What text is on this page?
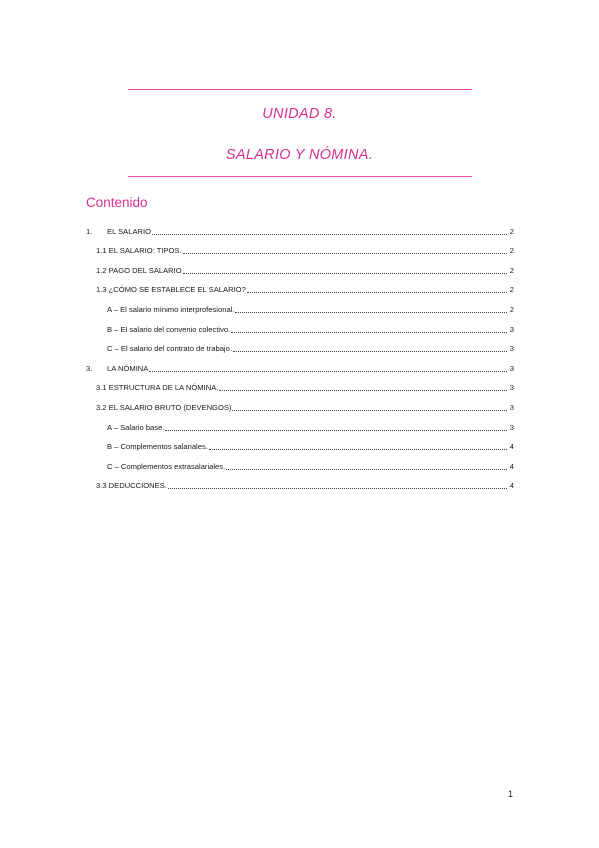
UNIDAD 8.
SALARIO Y NÓMINA.
Contenido
1.	EL SALARIO	2
1.1 EL SALARIO: TIPOS.	2
1.2 PAGO DEL SALARIO	2
1.3 ¿CÓMO SE ESTABLECE EL SALARIO?	2
A – El salario mínimo interprofesional.	2
B – El salario del convenio colectivo.	3
C – El salario del contrato de trabajo.	3
3.	LA NÓMINA	3
3.1 ESTRUCTURA DE LA NÓMINA.	3
3.2 EL SALARIO BRUTO (DEVENGOS)	3
A – Salario base.	3
B – Complementos salariales.	4
C – Complementos extrasalariales.	4
3.3 DEDUCCIONES.	4
1
